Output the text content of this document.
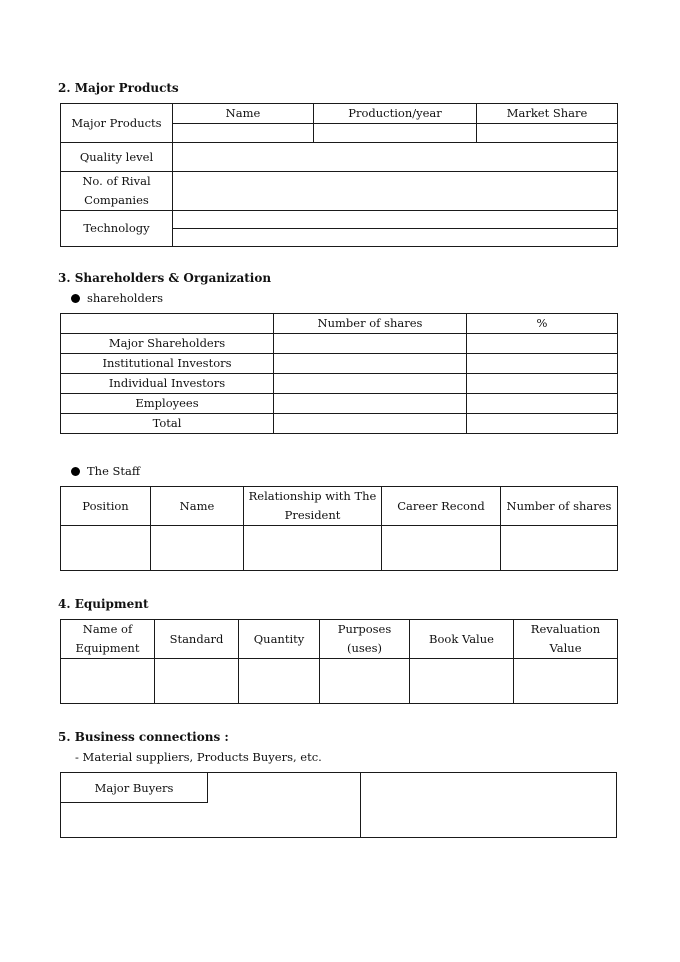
2. Major Products
Major Products	Name	Production/year	Market Share

Quality level			
No. of Rival Companies			
Technology			

3. Shareholders & Organization
shareholders
	Number of shares	%
Major Shareholders		
Institutional Investors		
Individual Investors		
Employees		
Total		
The Staff
Position	Name	Relationship with The President	Career Recond	Number of shares

4. Equipment
Name of Equipment	Standard	Quantity	Purposes (uses)	Book Value	Revaluation Value

5. Business connections :
- Material suppliers, Products Buyers, etc.
Major Buyers
